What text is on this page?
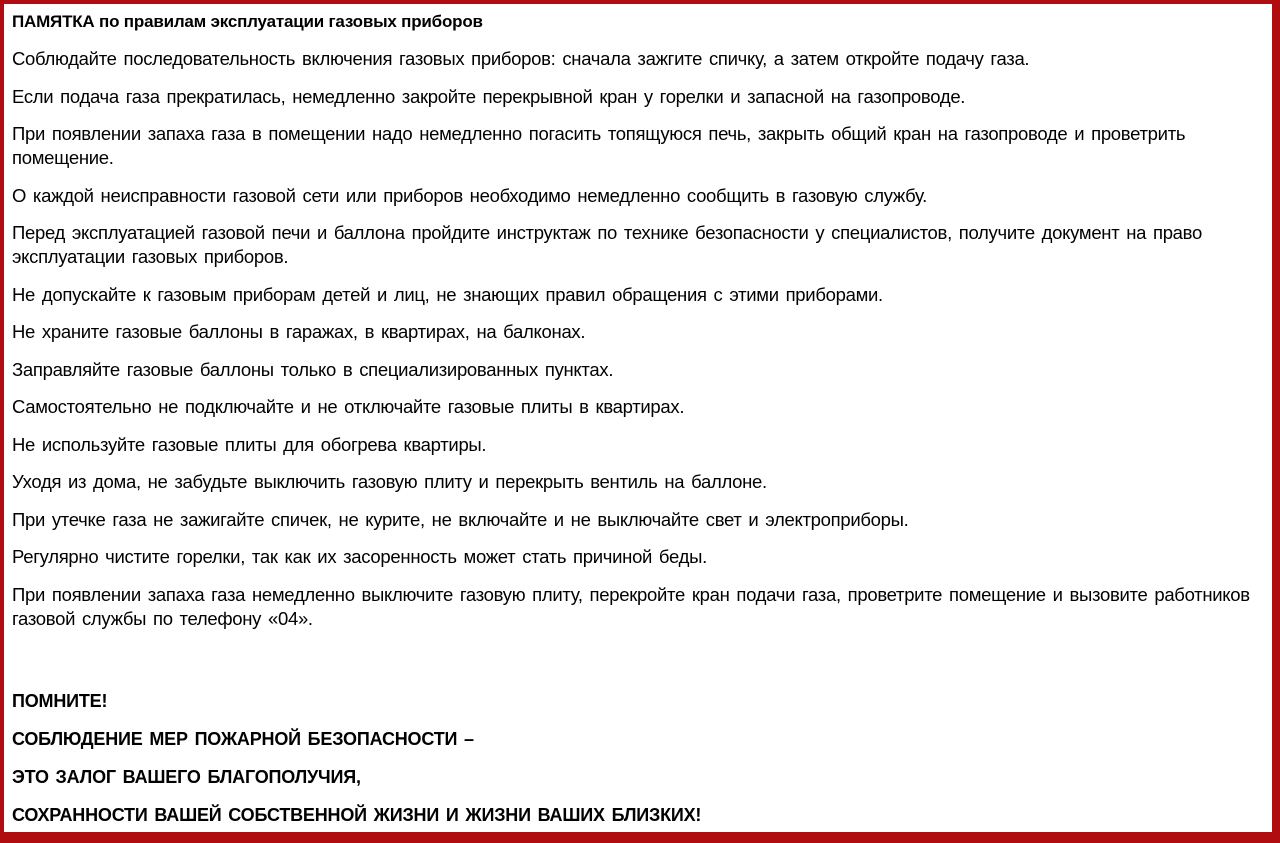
ПАМЯТКА по правилам эксплуатации газовых приборов

Соблюдайте последовательность включения газовых приборов: сначала зажгите спичку, а затем откройте подачу газа.

Если подача газа прекратилась, немедленно закройте перекрывной кран у горелки и запасной на газопроводе.

При появлении запаха газа в помещении надо немедленно погасить топящуюся печь, закрыть общий кран на газопроводе и проветрить помещение.

О каждой неисправности газовой сети или приборов необходимо немедленно сообщить в газовую службу.

Перед эксплуатацией газовой печи и баллона пройдите инструктаж по технике безопасности у специалистов, получите документ на право эксплуатации газовых приборов.

Не допускайте к газовым приборам детей и лиц, не знающих правил обращения с этими приборами.

Не храните газовые баллоны в гаражах, в квартирах, на балконах.

Заправляйте газовые баллоны только в специализированных пунктах.

Самостоятельно не подключайте и не отключайте газовые плиты в квартирах.

Не используйте газовые плиты для обогрева квартиры.

Уходя из дома, не забудьте выключить газовую плиту и перекрыть вентиль на баллоне.

При утечке газа не зажигайте спичек, не курите, не включайте и не выключайте свет и электроприборы.

Регулярно чистите горелки, так как их засоренность может стать причиной беды.

При появлении запаха газа немедленно выключите газовую плиту, перекройте кран подачи газа, проветрите помещение и вызовите работников газовой службы по телефону «04».

ПОМНИТЕ!

СОБЛЮДЕНИЕ МЕР ПОЖАРНОЙ БЕЗОПАСНОСТИ –

ЭТО ЗАЛОГ ВАШЕГО БЛАГОПОЛУЧИЯ,

СОХРАННОСТИ ВАШЕЙ СОБСТВЕННОЙ ЖИЗНИ И ЖИЗНИ ВАШИХ БЛИЗКИХ!
